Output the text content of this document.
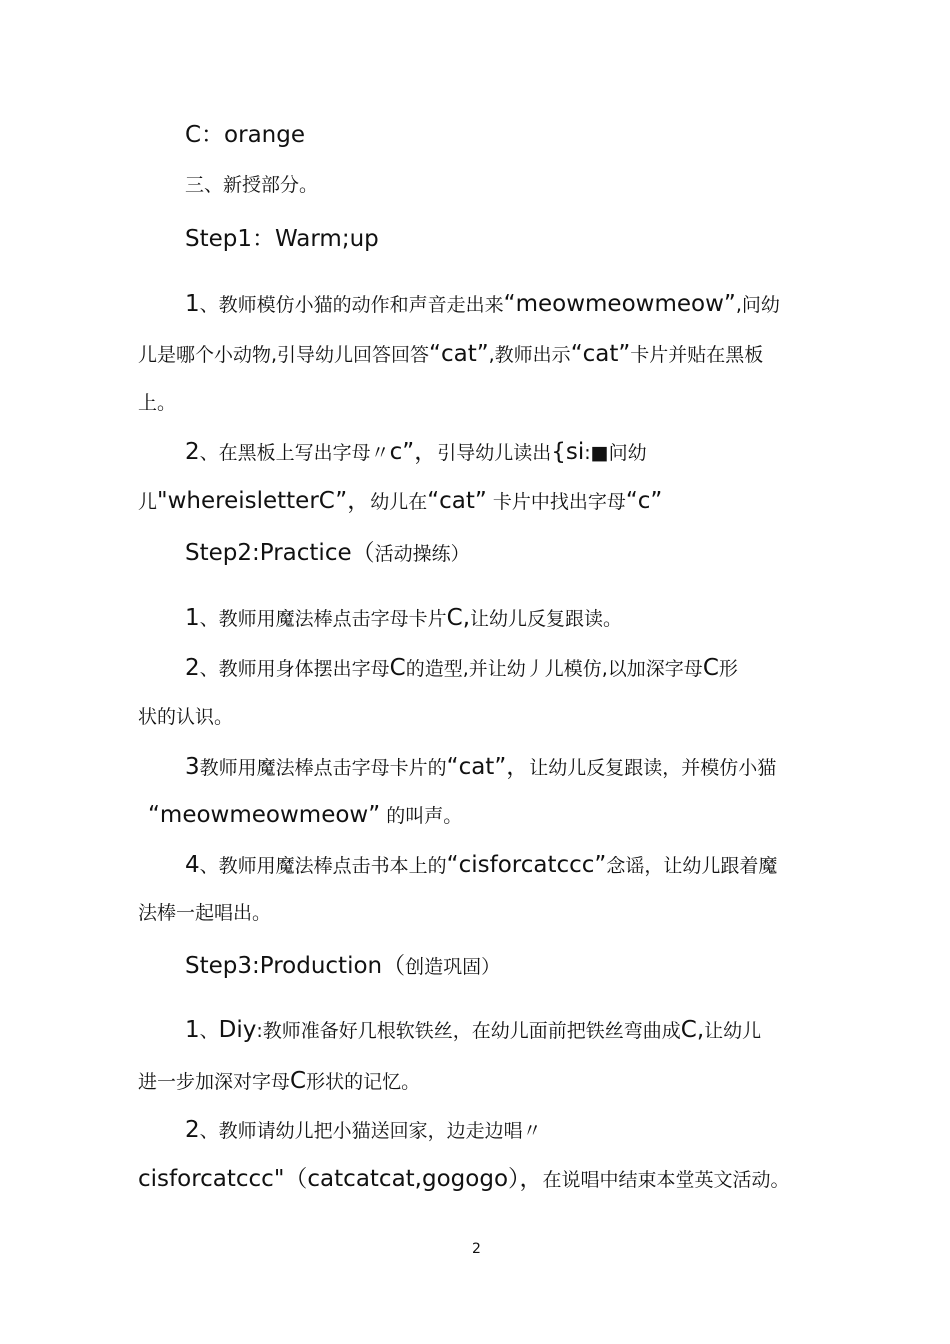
C：orange
三、新授部分。
Step1：Warm;up
1、教师模仿小猫的动作和声音走出来“meowmeowmeow”,问幼
儿是哪个小动物,引导幼儿回答回答“cat”,教师出示“cat”卡片并贴在黑板
上。
2、在黑板上写出字母〃c”，引导幼儿读出{si:■问幼
儿"whereisletterC”，幼儿在“cat” 卡片中找出字母“c”
Step2:Practice（活动操练）
1、教师用魔法棒点击字母卡片C,让幼儿反复跟读。
2、教师用身体摆出字母C的造型,并让幼丿儿模仿,以加深字母C形
状的认识。
3教师用魔法棒点击字母卡片的“cat”，让幼儿反复跟读，并模仿小猫
“meowmeowmeow” 的叫声。
4、教师用魔法棒点击书本上的“cisforcatccc”念谣，让幼儿跟着魔
法棒一起唱出。
Step3:Production（创造巩固）
1、Diy:教师准备好几根软铁丝，在幼儿面前把铁丝弯曲成C,让幼儿
进一步加深对字母C形状的记忆。
2、教师请幼儿把小猫送回家，边走边唱〃
cisforcatccc"（catcatcat,gogogo），在说唱中结束本堂英文活动。
2
